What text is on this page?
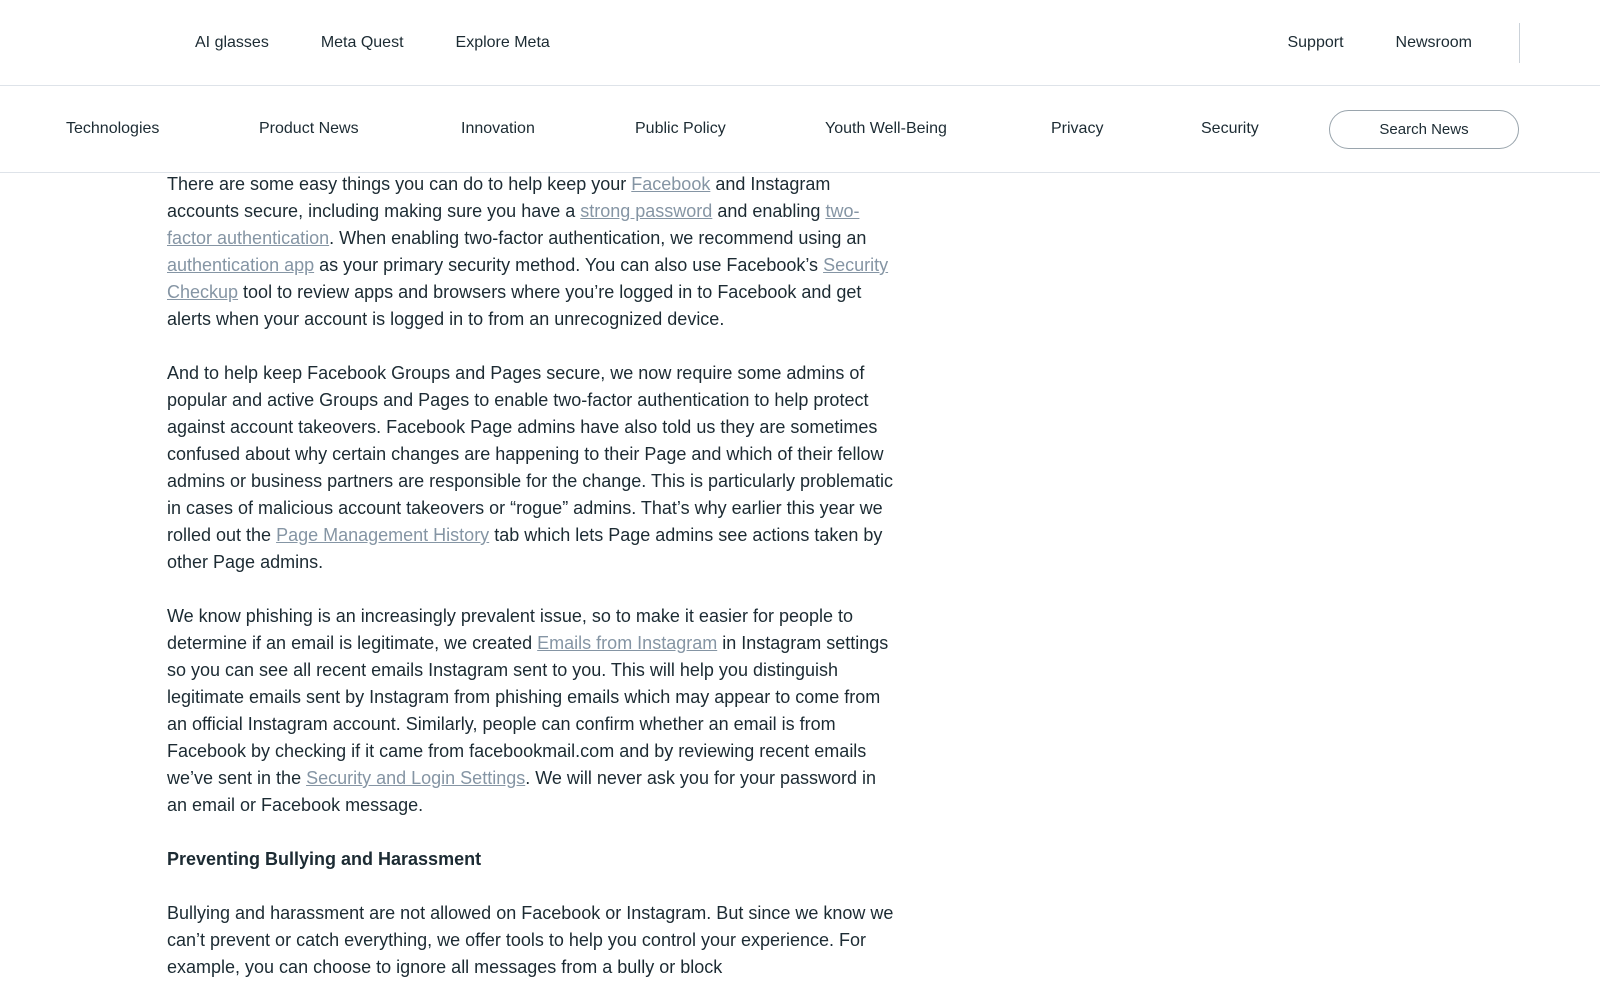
AI glasses	Meta Quest	Explore Meta	Support	Newsroom
Technologies	Product News	Innovation	Public Policy	Youth Well-Being	Privacy	Security	Search News

There are some easy things you can do to help keep your Facebook and Instagram accounts secure, including making sure you have a strong password and enabling two-factor authentication. When enabling two-factor authentication, we recommend using an authentication app as your primary security method. You can also use Facebook’s Security Checkup tool to review apps and browsers where you’re logged in to Facebook and get alerts when your account is logged in to from an unrecognized device.

And to help keep Facebook Groups and Pages secure, we now require some admins of popular and active Groups and Pages to enable two-factor authentication to help protect against account takeovers. Facebook Page admins have also told us they are sometimes confused about why certain changes are happening to their Page and which of their fellow admins or business partners are responsible for the change. This is particularly problematic in cases of malicious account takeovers or “rogue” admins. That’s why earlier this year we rolled out the Page Management History tab which lets Page admins see actions taken by other Page admins.

We know phishing is an increasingly prevalent issue, so to make it easier for people to determine if an email is legitimate, we created Emails from Instagram in Instagram settings so you can see all recent emails Instagram sent to you. This will help you distinguish legitimate emails sent by Instagram from phishing emails which may appear to come from an official Instagram account. Similarly, people can confirm whether an email is from Facebook by checking if it came from facebookmail.com and by reviewing recent emails we’ve sent in the Security and Login Settings. We will never ask you for your password in an email or Facebook message.

Preventing Bullying and Harassment

Bullying and harassment are not allowed on Facebook or Instagram. But since we know we can’t prevent or catch everything, we offer tools to help you control your experience. For example, you can choose to ignore all messages from a bully or block
